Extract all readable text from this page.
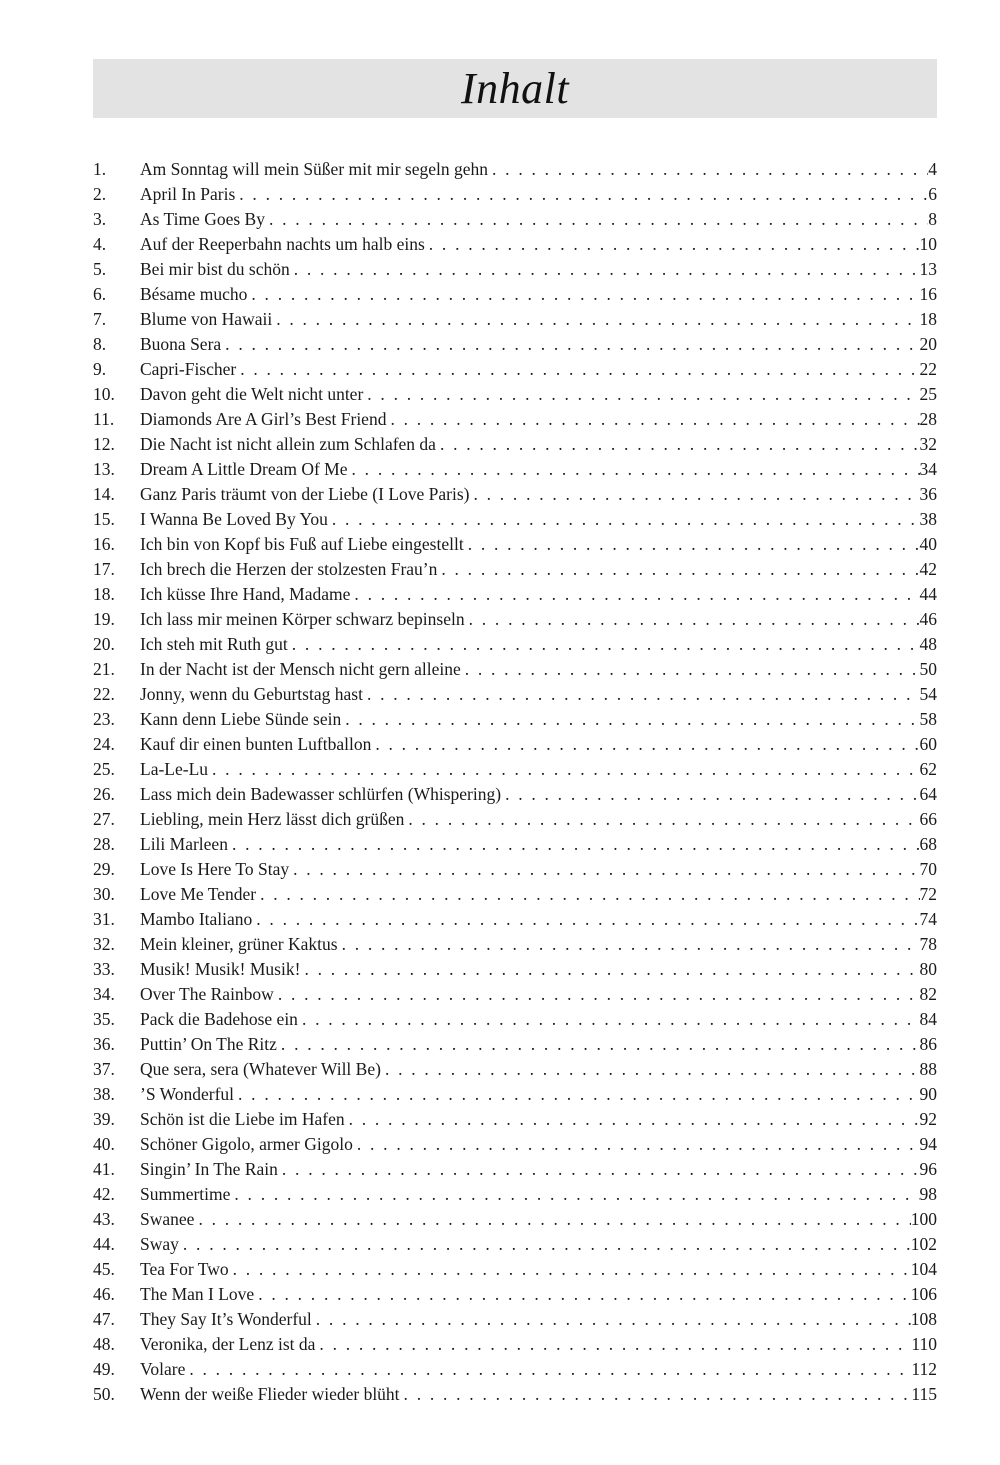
Inhalt
1.	Am Sonntag will mein Süßer mit mir segeln gehn . . .	4
2.	April In Paris . . .	6
3.	As Time Goes By . . .	8
4.	Auf der Reeperbahn nachts um halb eins . . .	10
5.	Bei mir bist du schön . . .	13
6.	Bésame mucho . . .	16
7.	Blume von Hawaii . . .	18
8.	Buona Sera . . .	20
9.	Capri-Fischer . . .	22
10.	Davon geht die Welt nicht unter . . .	25
11.	Diamonds Are A Girl’s Best Friend . . .	28
12.	Die Nacht ist nicht allein zum Schlafen da . . .	32
13.	Dream A Little Dream Of Me . . .	34
14.	Ganz Paris träumt von der Liebe (I Love Paris) . . .	36
15.	I Wanna Be Loved By You . . .	38
16.	Ich bin von Kopf bis Fuß auf Liebe eingestellt . . .	40
17.	Ich brech die Herzen der stolzesten Frau’n . . .	42
18.	Ich küsse Ihre Hand, Madame . . .	44
19.	Ich lass mir meinen Körper schwarz bepinseln . . .	46
20.	Ich steh mit Ruth gut . . .	48
21.	In der Nacht ist der Mensch nicht gern alleine . . .	50
22.	Jonny, wenn du Geburtstag hast . . .	54
23.	Kann denn Liebe Sünde sein . . .	58
24.	Kauf dir einen bunten Luftballon . . .	60
25.	La-Le-Lu . . .	62
26.	Lass mich dein Badewasser schlürfen (Whispering) . . .	64
27.	Liebling, mein Herz lässt dich grüßen . . .	66
28.	Lili Marleen . . .	68
29.	Love Is Here To Stay . . .	70
30.	Love Me Tender . . .	72
31.	Mambo Italiano . . .	74
32.	Mein kleiner, grüner Kaktus . . .	78
33.	Musik! Musik! Musik! . . .	80
34.	Over The Rainbow . . .	82
35.	Pack die Badehose ein . . .	84
36.	Puttin’ On The Ritz . . .	86
37.	Que sera, sera (Whatever Will Be) . . .	88
38.	’S Wonderful . . .	90
39.	Schön ist die Liebe im Hafen . . .	92
40.	Schöner Gigolo, armer Gigolo . . .	94
41.	Singin’ In The Rain . . .	96
42.	Summertime . . .	98
43.	Swanee . . .	100
44.	Sway . . .	102
45.	Tea For Two . . .	104
46.	The Man I Love . . .	106
47.	They Say It’s Wonderful . . .	108
48.	Veronika, der Lenz ist da . . .	110
49.	Volare . . .	112
50.	Wenn der weiße Flieder wieder blüht . . .	115
